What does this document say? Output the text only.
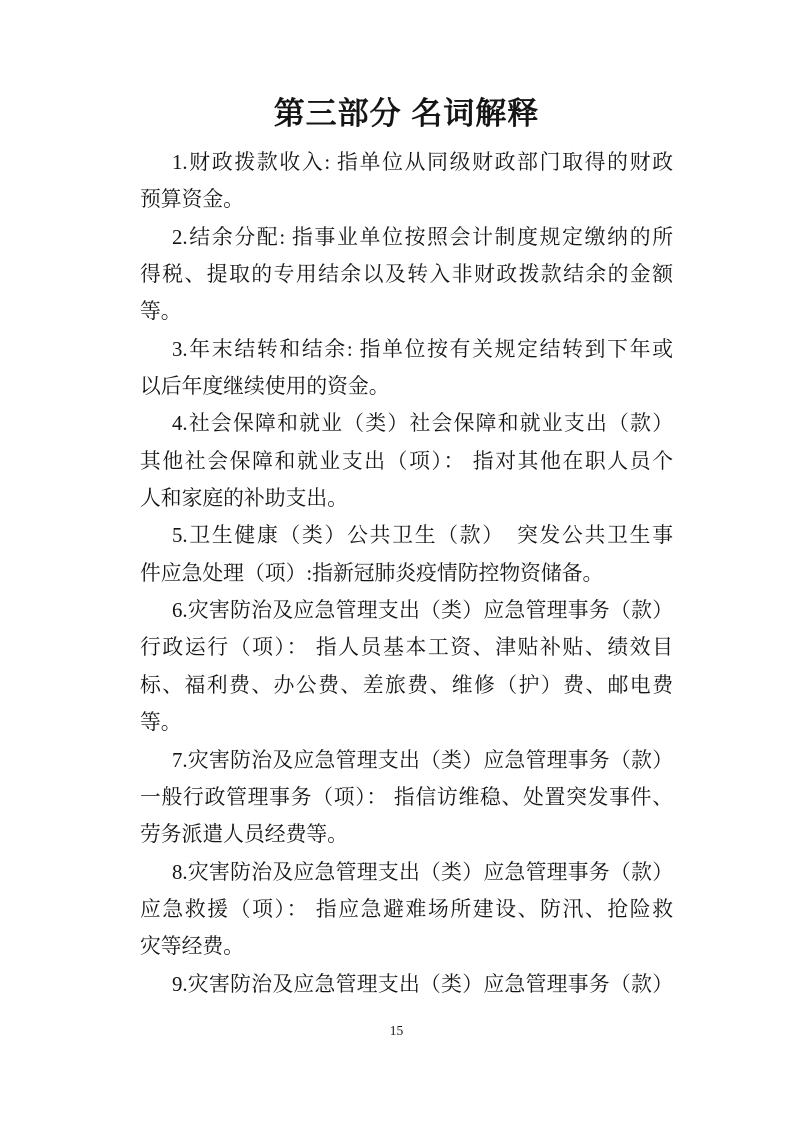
第三部分 名词解释
1.财政拨款收入: 指单位从同级财政部门取得的财政
预算资金。
2.结余分配: 指事业单位按照会计制度规定缴纳的所
得税、提取的专用结余以及转入非财政拨款结余的金额
等。
3.年末结转和结余: 指单位按有关规定结转到下年或
以后年度继续使用的资金。
4.社会保障和就业（类）社会保障和就业支出（款）
其他社会保障和就业支出（项）： 指对其他在职人员个
人和家庭的补助支出。
5.卫生健康（类）公共卫生（款）　突发公共卫生事
件应急处理（项）:指新冠肺炎疫情防控物资储备。
6.灾害防治及应急管理支出（类）应急管理事务（款）
行政运行（项）： 指人员基本工资、津贴补贴、绩效目
标、福利费、办公费、差旅费、维修（护）费、邮电费
等。
7.灾害防治及应急管理支出（类）应急管理事务（款）
一般行政管理事务（项）： 指信访维稳、处置突发事件、
劳务派遣人员经费等。
8.灾害防治及应急管理支出（类）应急管理事务（款）
应急救援（项）： 指应急避难场所建设、防汛、抢险救
灾等经费。
9.灾害防治及应急管理支出（类）应急管理事务（款）
15
